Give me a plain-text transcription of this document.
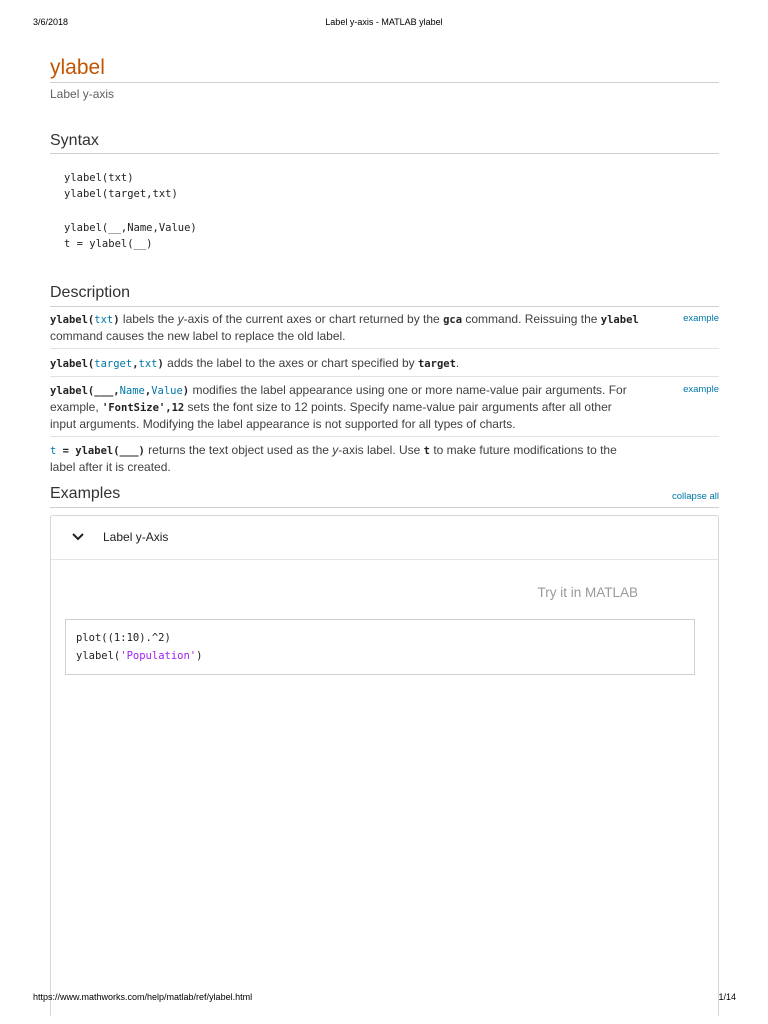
3/6/2018	Label y-axis - MATLAB ylabel
ylabel
Label y-axis
Syntax
ylabel(txt)
ylabel(target,txt)
ylabel(__,Name,Value)
t = ylabel(__)
Description
ylabel(txt) labels the y-axis of the current axes or chart returned by the gca command. Reissuing the ylabel command causes the new label to replace the old label.
example
ylabel(target,txt) adds the label to the axes or chart specified by target.
ylabel(___,Name,Value) modifies the label appearance using one or more name-value pair arguments. For example, 'FontSize',12 sets the font size to 12 points. Specify name-value pair arguments after all other input arguments. Modifying the label appearance is not supported for all types of charts.
example
t = ylabel(___) returns the text object used as the y-axis label. Use t to make future modifications to the label after it is created.
Examples	collapse all
Label y-Axis
Try it in MATLAB
plot((1:10).^2)
ylabel('Population')
https://www.mathworks.com/help/matlab/ref/ylabel.html	1/14
